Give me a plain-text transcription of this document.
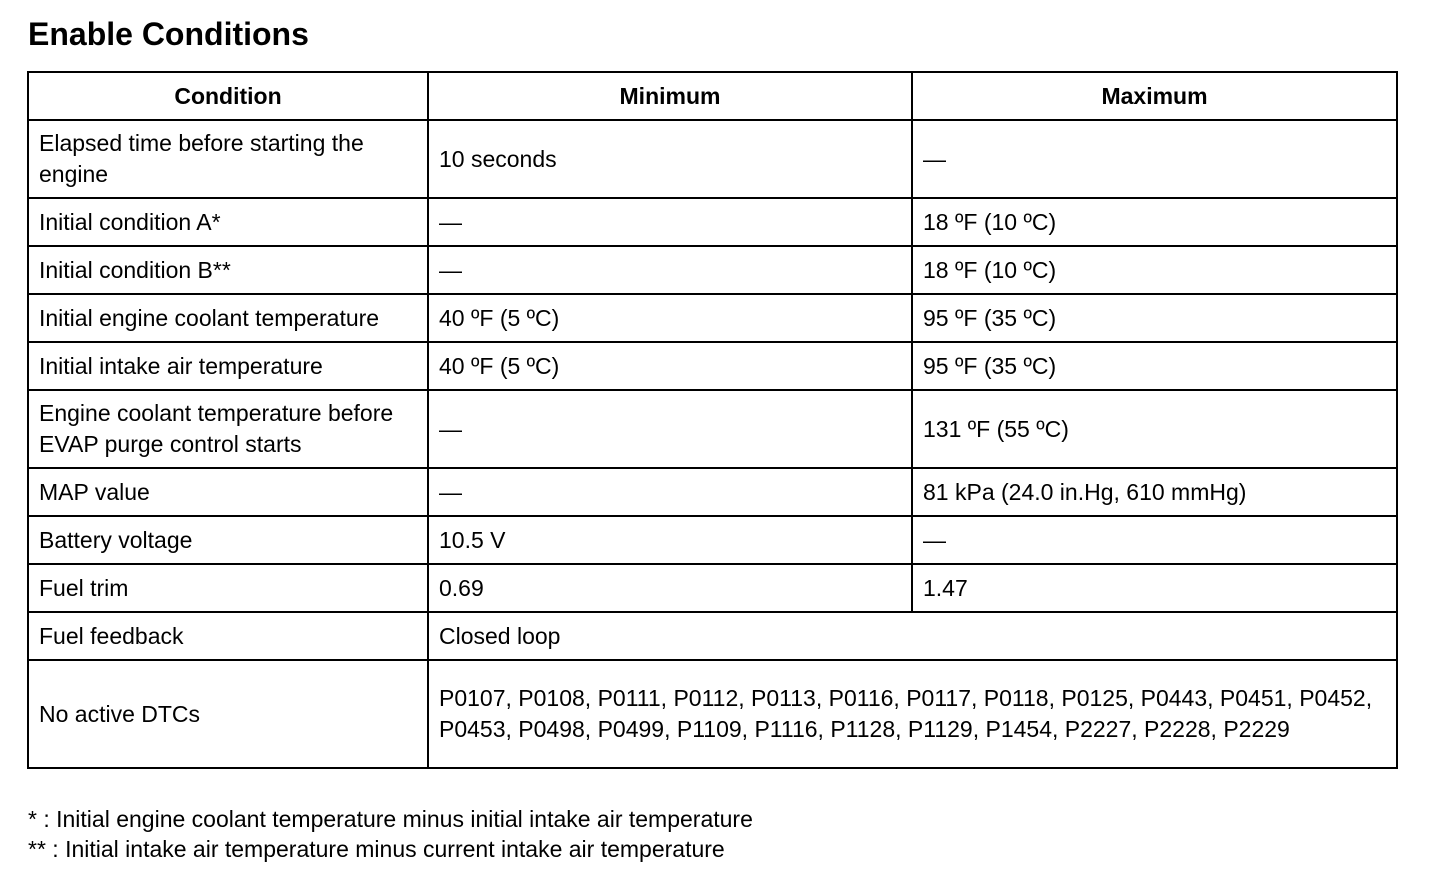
Enable Conditions
Condition	Minimum	Maximum
Elapsed time before starting the engine	10 seconds	—
Initial condition A*	—	18 ºF (10 ºC)
Initial condition B**	—	18 ºF (10 ºC)
Initial engine coolant temperature	40 ºF (5 ºC)	95 ºF (35 ºC)
Initial intake air temperature	40 ºF (5 ºC)	95 ºF (35 ºC)
Engine coolant temperature before EVAP purge control starts	—	131 ºF (55 ºC)
MAP value	—	81 kPa (24.0 in.Hg, 610 mmHg)
Battery voltage	10.5 V	—
Fuel trim	0.69	1.47
Fuel feedback	Closed loop	
No active DTCs	P0107, P0108, P0111, P0112, P0113, P0116, P0117, P0118, P0125, P0443, P0451, P0452, P0453, P0498, P0499, P1109, P1116, P1128, P1129, P1454, P2227, P2228, P2229	
* : Initial engine coolant temperature minus initial intake air temperature
** : Initial intake air temperature minus current intake air temperature
